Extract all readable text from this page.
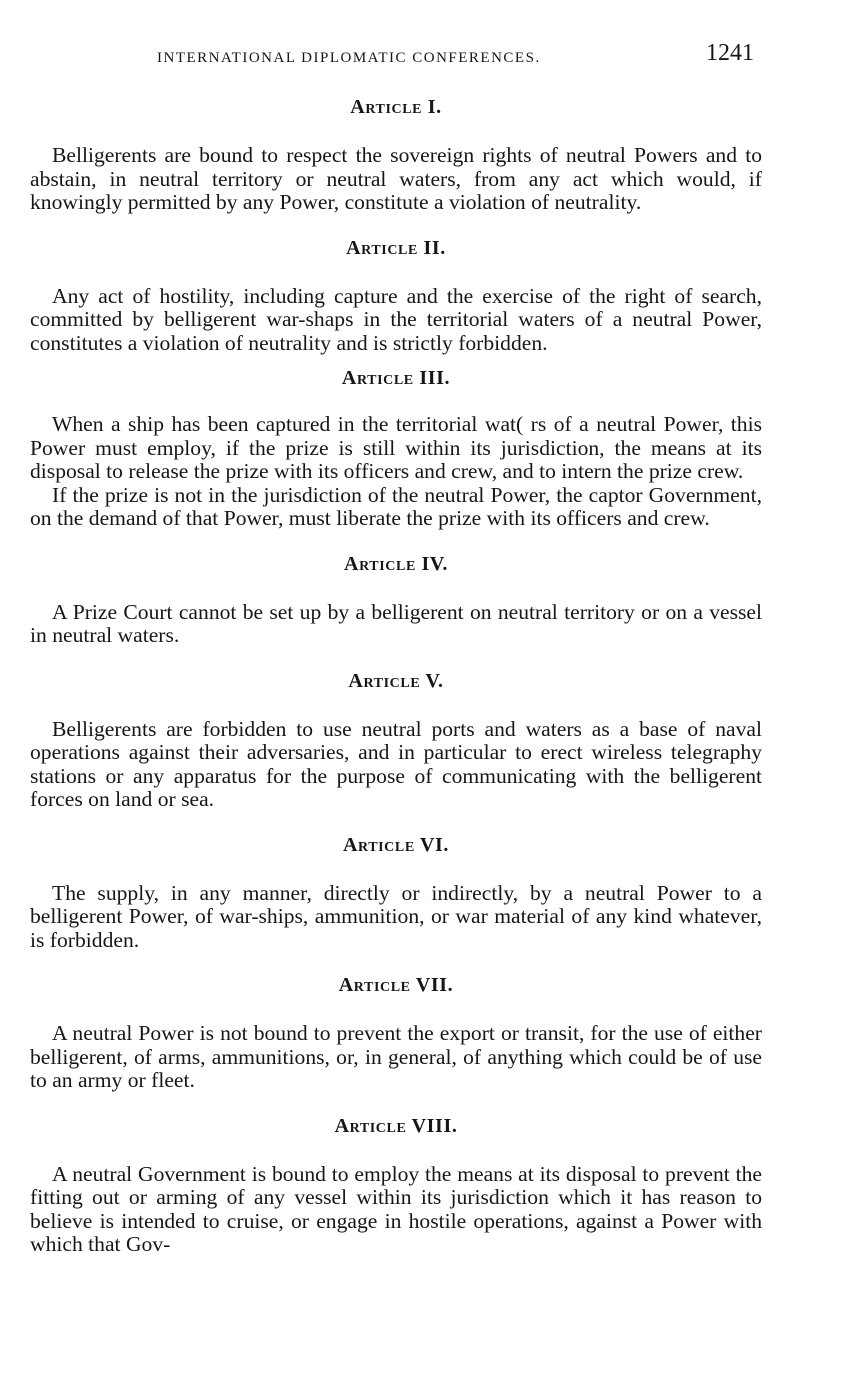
INTERNATIONAL DIPLOMATIC CONFERENCES.	1241
Article I.

Belligerents are bound to respect the sovereign rights of neutral Powers and to abstain, in neutral territory or neutral waters, from any act which would, if knowingly permitted by any Power, constitute a violation of neutrality.

Article II.

Any act of hostility, including capture and the exercise of the right of search, committed by belligerent war-shaps in the territorial waters of a neutral Power, constitutes a violation of neutrality and is strictly forbidden.

Article III.

When a ship has been captured in the territorial wat( rs of a neutral Power, this Power must employ, if the prize is still within its jurisdiction, the means at its disposal to release the prize with its officers and crew, and to intern the prize crew.

If the prize is not in the jurisdiction of the neutral Power, the captor Government, on the demand of that Power, must liberate the prize with its officers and crew.

Article IV.

A Prize Court cannot be set up by a belligerent on neutral territory or on a vessel in neutral waters.

Article V.

Belligerents are forbidden to use neutral ports and waters as a base of naval operations against their adversaries, and in particular to erect wireless telegraphy stations or any apparatus for the purpose of communicating with the belligerent forces on land or sea.

Article VI.

The supply, in any manner, directly or indirectly, by a neutral Power to a belligerent Power, of war-ships, ammunition, or war material of any kind whatever, is forbidden.

Article VII.

A neutral Power is not bound to prevent the export or transit, for the use of either belligerent, of arms, ammunitions, or, in general, of anything which could be of use to an army or fleet.

Article VIII.

A neutral Government is bound to employ the means at its disposal to prevent the fitting out or arming of any vessel within its jurisdiction which it has reason to believe is intended to cruise, or engage in hostile operations, against a Power with which that Gov-
